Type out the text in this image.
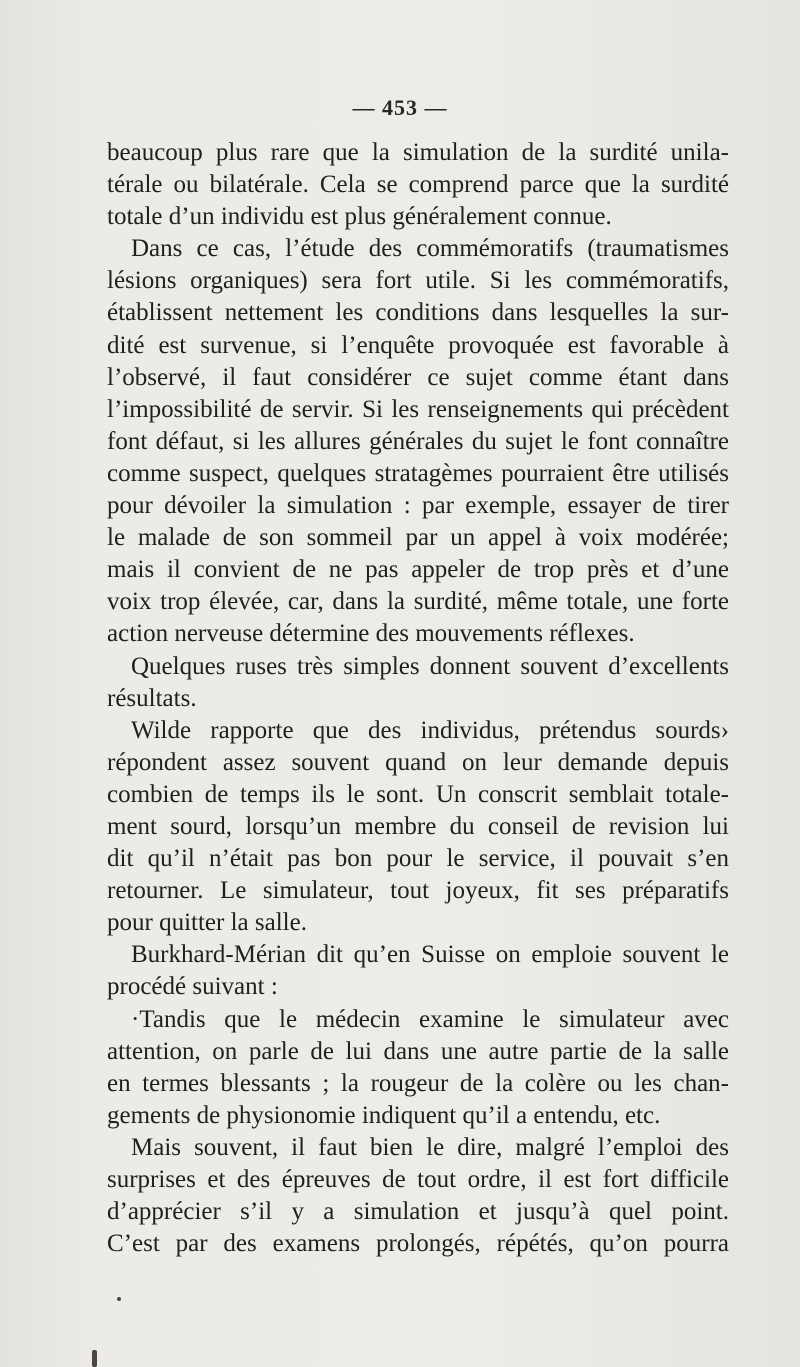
— 453 —
beaucoup plus rare que la simulation de la surdité unila-
térale ou bilatérale. Cela se comprend parce que la surdité
totale d’un individu est plus généralement connue.
Dans ce cas, l’étude des commémoratifs (traumatismes
lésions organiques) sera fort utile. Si les commémoratifs,
établissent nettement les conditions dans lesquelles la sur-
dité est survenue, si l’enquête provoquée est favorable à
l’observé, il faut considérer ce sujet comme étant dans
l’impossibilité de servir. Si les renseignements qui précèdent
font défaut, si les allures générales du sujet le font connaître
comme suspect, quelques stratagèmes pourraient être utilisés
pour dévoiler la simulation : par exemple, essayer de tirer
le malade de son sommeil par un appel à voix modérée;
mais il convient de ne pas appeler de trop près et d’une
voix trop élevée, car, dans la surdité, même totale, une forte
action nerveuse détermine des mouvements réflexes.
Quelques ruses très simples donnent souvent d’excellents
résultats.
Wilde rapporte que des individus, prétendus sourds›
répondent assez souvent quand on leur demande depuis
combien de temps ils le sont. Un conscrit semblait totale-
ment sourd, lorsqu’un membre du conseil de revision lui
dit qu’il n’était pas bon pour le service, il pouvait s’en
retourner. Le simulateur, tout joyeux, fit ses préparatifs
pour quitter la salle.
Burkhard-Mérian dit qu’en Suisse on emploie souvent le
procédé suivant :
·Tandis que le médecin examine le simulateur avec
attention, on parle de lui dans une autre partie de la salle
en termes blessants ; la rougeur de la colère ou les chan-
gements de physionomie indiquent qu’il a entendu, etc.
Mais souvent, il faut bien le dire, malgré l’emploi des
surprises et des épreuves de tout ordre, il est fort difficile
d’apprécier s’il y a simulation et jusqu’à quel point.
C’est par des examens prolongés, répétés, qu’on pourra
